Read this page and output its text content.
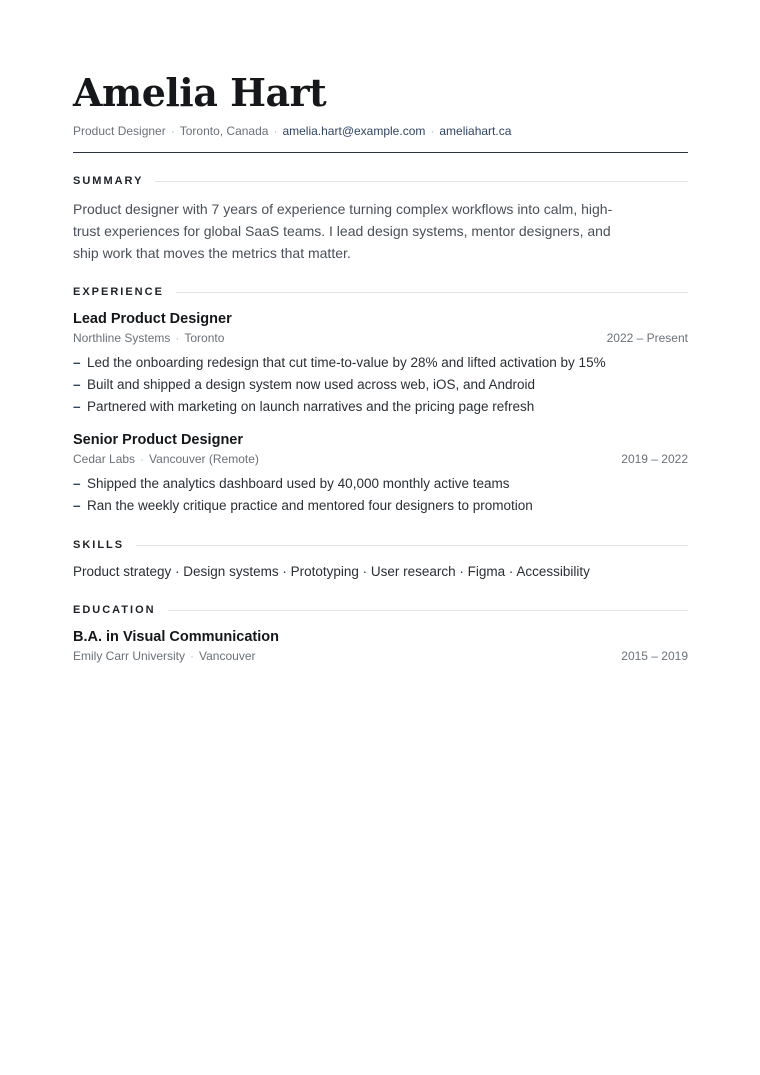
Amelia Hart
Product Designer · Toronto, Canada · amelia.hart@example.com · ameliahart.ca
SUMMARY
Product designer with 7 years of experience turning complex workflows into calm, high-trust experiences for global SaaS teams. I lead design systems, mentor designers, and ship work that moves the metrics that matter.
EXPERIENCE
Lead Product Designer
Northline Systems · Toronto	2022 – Present
– Led the onboarding redesign that cut time-to-value by 28% and lifted activation by 15%
– Built and shipped a design system now used across web, iOS, and Android
– Partnered with marketing on launch narratives and the pricing page refresh
Senior Product Designer
Cedar Labs · Vancouver (Remote)	2019 – 2022
– Shipped the analytics dashboard used by 40,000 monthly active teams
– Ran the weekly critique practice and mentored four designers to promotion
SKILLS
Product strategy · Design systems · Prototyping · User research · Figma · Accessibility
EDUCATION
B.A. in Visual Communication
Emily Carr University · Vancouver	2015 – 2019
